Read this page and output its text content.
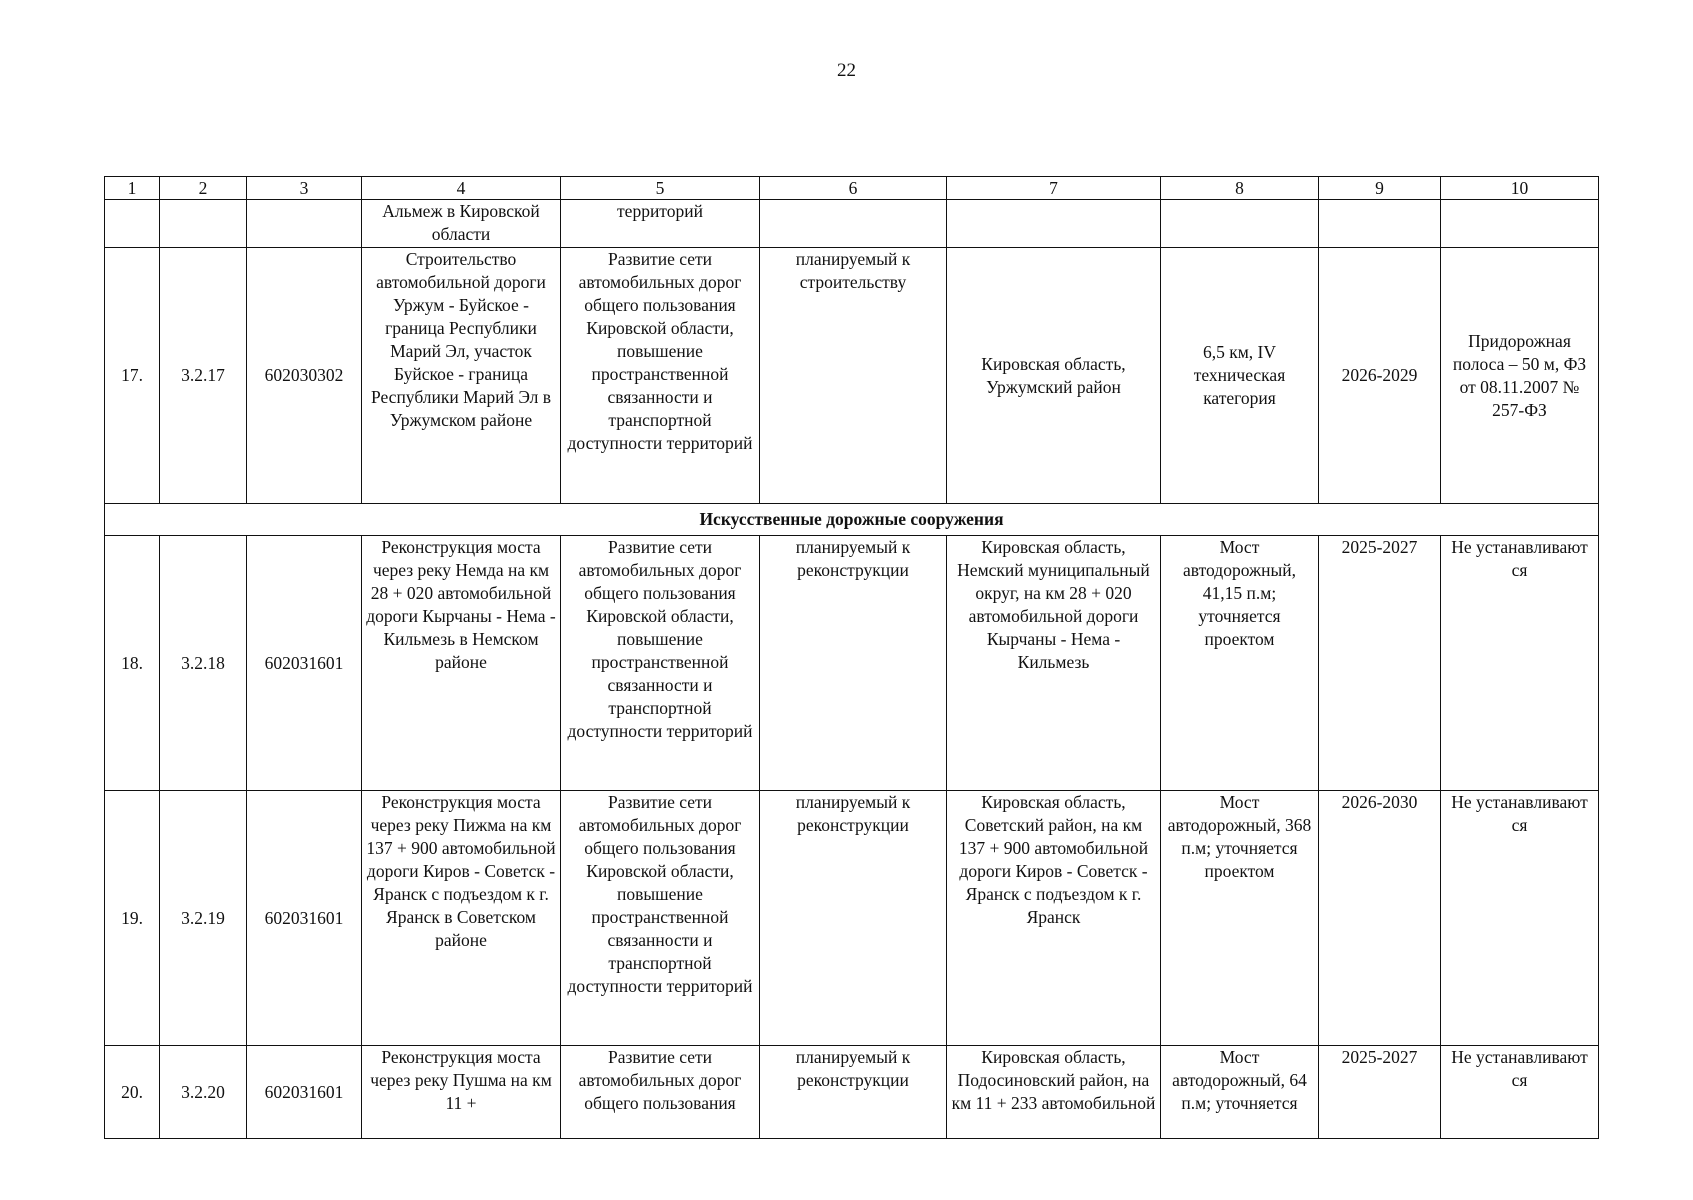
22
1	2	3	4	5	6	7	8	9	10
			Альмеж в Кировской области	территорий					
17.	3.2.17	602030302	Строительство автомобильной дороги Уржум - Буйское - граница Республики Марий Эл, участок Буйское - граница Республики Марий Эл в Уржумском районе	Развитие сети автомобильных дорог общего пользования Кировской области, повышение пространственной связанности и транспортной доступности территорий	планируемый к строительству	Кировская область, Уржумский район	6,5 км, IV техническая категория	2026-2029	Придорожная полоса – 50 м, ФЗ от 08.11.2007 № 257-ФЗ
Искусственные дорожные сооружения									
18.	3.2.18	602031601	Реконструкция моста через реку Немда на км 28 + 020 автомобильной дороги Кырчаны - Нема - Кильмезь в Немском районе	Развитие сети автомобильных дорог общего пользования Кировской области, повышение пространственной связанности и транспортной доступности территорий	планируемый к реконструкции	Кировская область, Немский муниципальный округ, на км 28 + 020 автомобильной дороги Кырчаны - Нема - Кильмезь	Мост автодорожный, 41,15 п.м; уточняется проектом	2025-2027	Не устанавливают ся
19.	3.2.19	602031601	Реконструкция моста через реку Пижма на км 137 + 900 автомобильной дороги Киров - Советск - Яранск с подъездом к г. Яранск в Советском районе	Развитие сети автомобильных дорог общего пользования Кировской области, повышение пространственной связанности и транспортной доступности территорий	планируемый к реконструкции	Кировская область, Советский район, на км 137 + 900 автомобильной дороги Киров - Советск - Яранск с подъездом к г. Яранск	Мост автодорожный, 368 п.м; уточняется проектом	2026-2030	Не устанавливают ся
20.	3.2.20	602031601	Реконструкция моста через реку Пушма на км 11 +	Развитие сети автомобильных дорог общего пользования	планируемый к реконструкции	Кировская область, Подосиновский район, на км 11 + 233 автомобильной	Мост автодорожный, 64 п.м; уточняется	2025-2027	Не устанавливают ся
